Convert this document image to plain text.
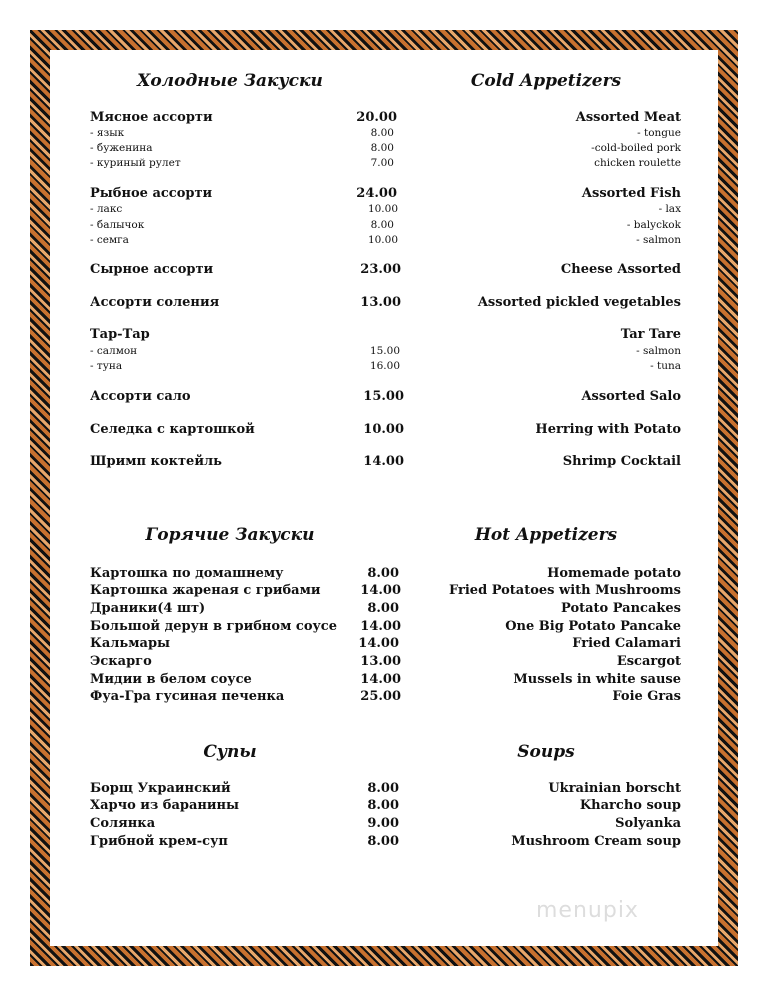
Холодные Закуски	Cold Appetizers
Мясное ассорти	20.00	Assorted Meat
- язык	8.00	- tongue
- буженина	8.00	-cold-boiled pork
- куриный рулет	7.00	chicken roulette
Рыбное ассорти	24.00	Assorted Fish
- лакс	10.00	- lax
- балычок	8.00	- balyckok
- семга	10.00	- salmon
Сырное ассорти	23.00	Cheese Assorted
Ассорти соления	13.00	Assorted pickled vegetables
Тар-Тар	Tar Tare
- салмон	15.00	- salmon
- туна	16.00	- tuna
Ассорти сало	15.00	Assorted Salo
Селедка с картошкой	10.00	Herring with Potato
Шримп коктейль	14.00	Shrimp Cocktail
Горячие Закуски	Hot Appetizers
Картошка по домашнему	8.00	Homemade potato
Картошка жареная с грибами	14.00	Fried Potatoes with Mushrooms
Драники(4 шт)	8.00	Potato Pancakes
Большой дерун в грибном соусе 14.00	One Big Potato Pancake
Кальмары	14.00	Fried Calamari
Эскарго	13.00	Escargot
Мидии в белом соусе	14.00	Mussels in white sause
Фуа-Гра гусиная печенка	25.00	Foie Gras
Супы	Soups
Борщ Украинский	8.00	Ukrainian borscht
Харчо из баранины	8.00	Kharcho soup
Солянка	9.00	Solyanka
Грибной крем-суп	8.00	Mushroom Cream soup
menupix
